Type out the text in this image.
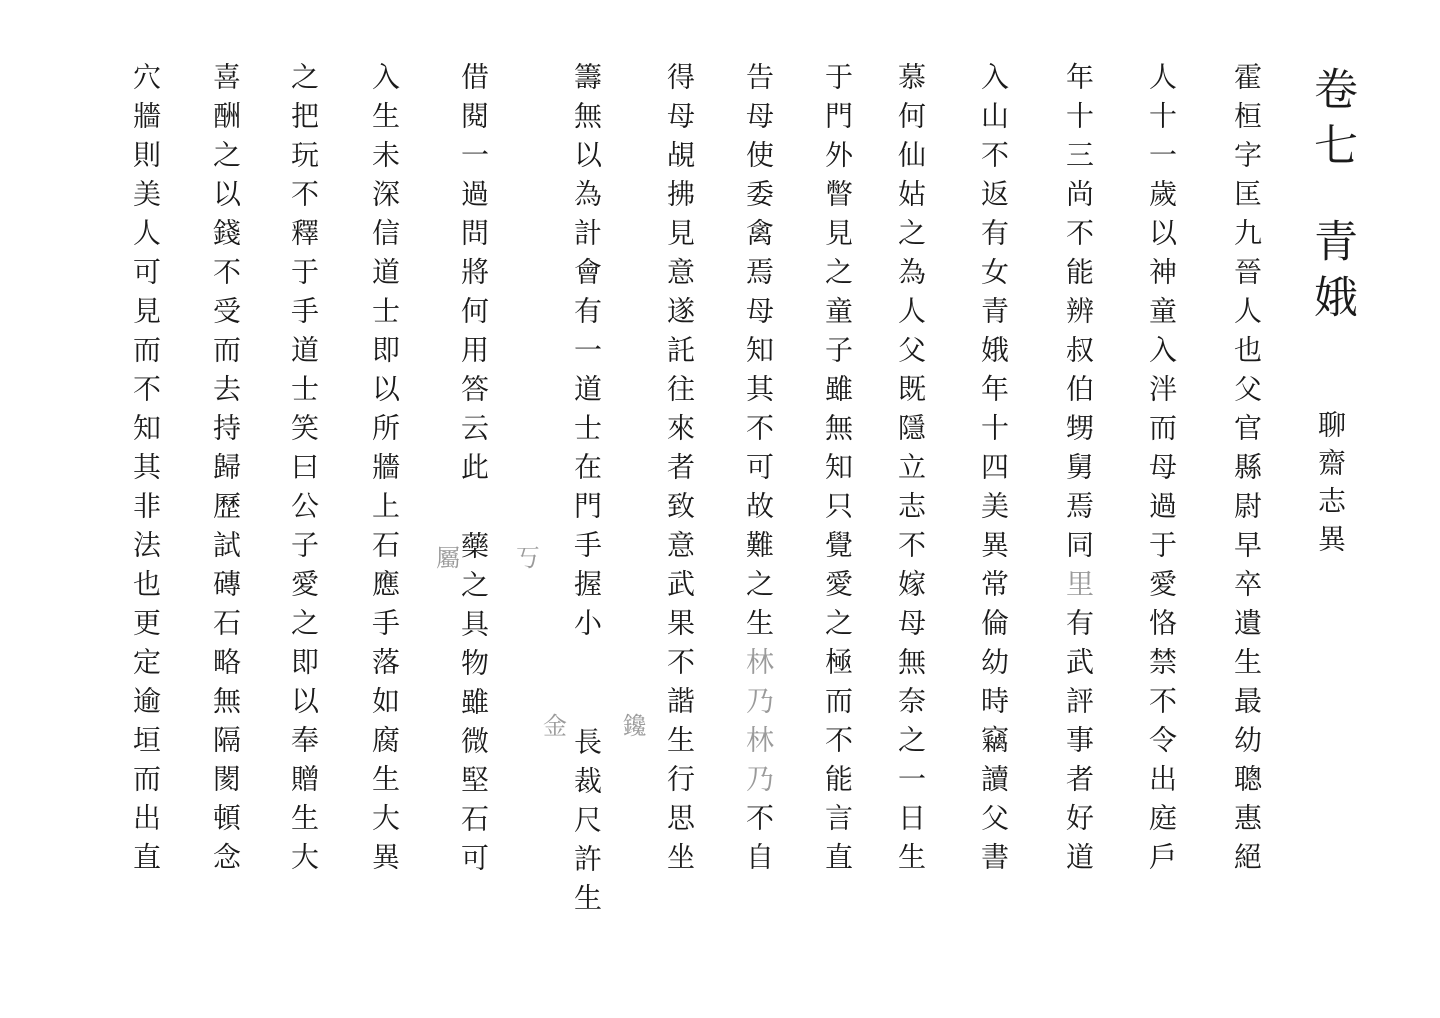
卷七青娥
聊齋志異
霍桓字匡九晉人也父官縣尉早卒遺生最幼聰惠絕
人十一歲以神童入泮而母過于愛恪禁不令出庭戶
年十三尚不能辨叔伯甥舅焉同里有武評事者好道
入山不返有女青娥年十四美異常倫幼時竊讀父書
慕何仙姑之為人父既隱立志不嫁母無奈之一日生
于門外瞥見之童子雖無知只覺愛之極而不能言直
告母使委禽焉母知其不可故難之生林乃林乃不自
得母覘拂見意遂託往來者致意武果不諧生行思坐
籌無以為計會有一道士在門手握小長裁尺許生
借閱一過問將何用答云此藥之具物雖微堅石可
入生未深信道士即以所牆上石應手落如腐生大異
之把玩不釋于手道士笑曰公子愛之即以奉贈生大
喜酬之以錢不受而去持歸歷試磚石略無隔閡頓念
穴牆則美人可見而不知其非法也更定逾垣而出直	屬 丂
金 鑱
